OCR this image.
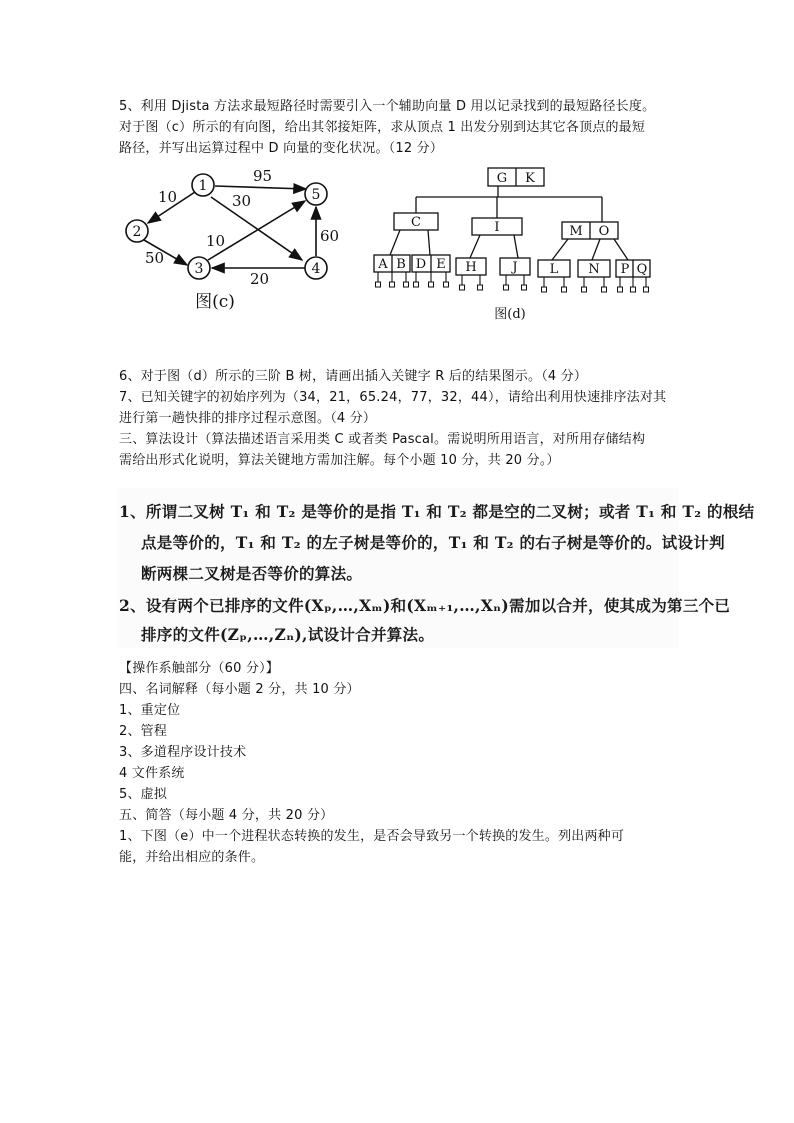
5、利用 Djista 方法求最短路径时需要引入一个辅助向量 D 用以记录找到的最短路径长度。
对于图（c）所示的有向图，给出其邻接矩阵，求从顶点 1 出发分别到达其它各顶点的最短
路径，并写出运算过程中 D 向量的变化状况。（12 分）
1
2
3	4
5
95
10	30
10
50
20
60
图(c)
G K
C	I	M O
A B D E H	J L N P Q
图(d)
6、对于图（d）所示的三阶 B 树，请画出插入关键字 R 后的结果图示。（4 分）
7、已知关键字的初始序列为（34，21，65.24，77，32，44），请给出利用快速排序法对其
进行第一趟快排的排序过程示意图。（4 分）
三、算法设计（算法描述语言采用类 C 或者类 Pascal。需说明所用语言，对所用存储结构
需给出形式化说明，算法关键地方需加注解。每个小题 10 分，共 20 分。）
1、所谓二叉树 T₁ 和 T₂ 是等价的是指 T₁ 和 T₂ 都是空的二叉树；或者 T₁ 和 T₂ 的根结
点是等价的，T₁ 和 T₂ 的左子树是等价的，T₁ 和 T₂ 的右子树是等价的。试设计判
断两棵二叉树是否等价的算法。
2、设有两个已排序的文件(Xₚ,…,Xₘ)和(Xₘ₊₁,…,Xₙ)需加以合并，使其成为第三个已
排序的文件(Zₚ,…,Zₙ),试设计合并算法。
【操作系触部分（60 分）】
四、名词解释（每小题 2 分，共 10 分）
1、重定位
2、管程
3、多道程序设计技术
4 文件系统
5、虚拟
五、简答（每小题 4 分，共 20 分）
1、下图（e）中一个进程状态转换的发生，是否会导致另一个转换的发生。列出两种可
能，并给出相应的条件。
